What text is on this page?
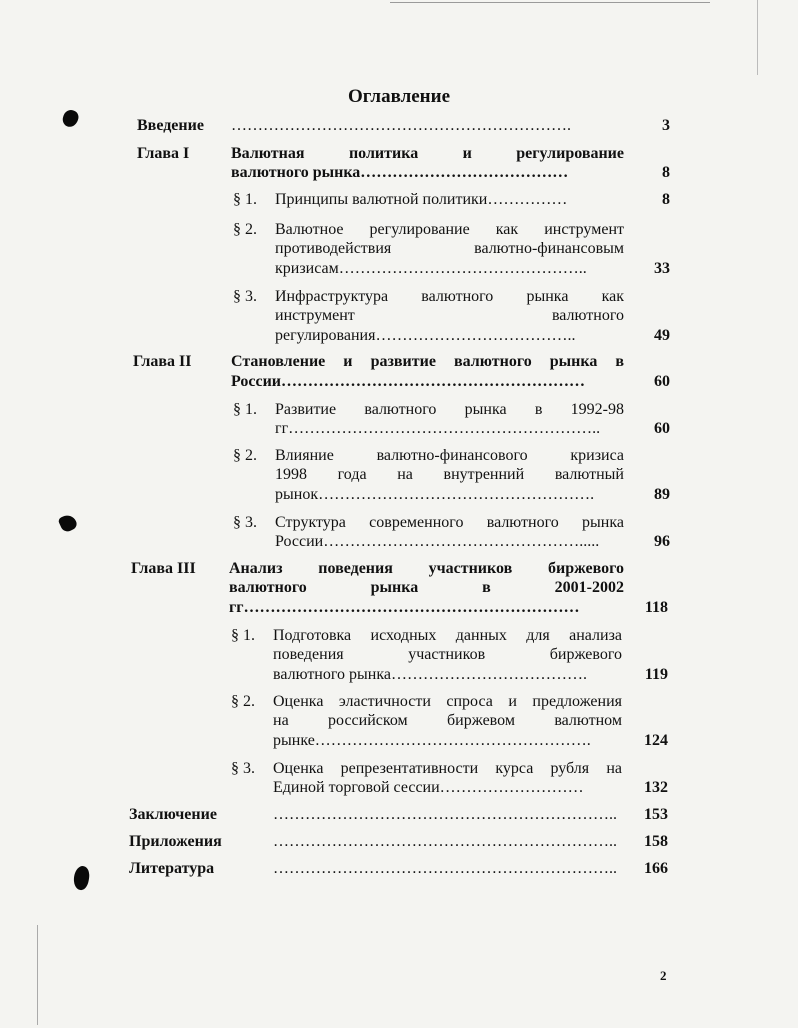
Оглавление
Введение ……………………………………………………….	3
Глава I	Валютная политика и регулирование
валютного рынка…………………………………	8
§ 1. Принципы валютной политики……………	8
§ 2. Валютное регулирование как инструмент
противодействия валютно-финансовым
кризисам………………………………………..	33
§ 3. Инфраструктура валютного рынка как
инструмент валютного
регулирования………………………………..	49
Глава II Становление и развитие валютного рынка в
России…………………………………………………	60
§ 1. Развитие валютного рынка в 1992-98
гг…………………………………………………..	60
§ 2. Влияние валютно-финансового кризиса
1998 года на внутренний валютный
рынок…………………………………………….	89
§ 3. Структура современного валютного рынка
России………………………………………….....	96
Глава III Анализ поведения участников биржевого
валютного рынка в 2001-2002
гг………………………………………………………	118
§ 1. Подготовка исходных данных для анализа
поведения участников биржевого
валютного рынка……………………………….	119
§ 2. Оценка эластичности спроса и предложения
на российском биржевом валютном
рынке…………………………………………….	124
§ 3. Оценка репрезентативности курса рубля на
Единой торговой сессии………………………	132
Заключение	………………………………………………………..	153
Приложения	………………………………………………………..	158
Литература	………………………………………………………..	166
2
